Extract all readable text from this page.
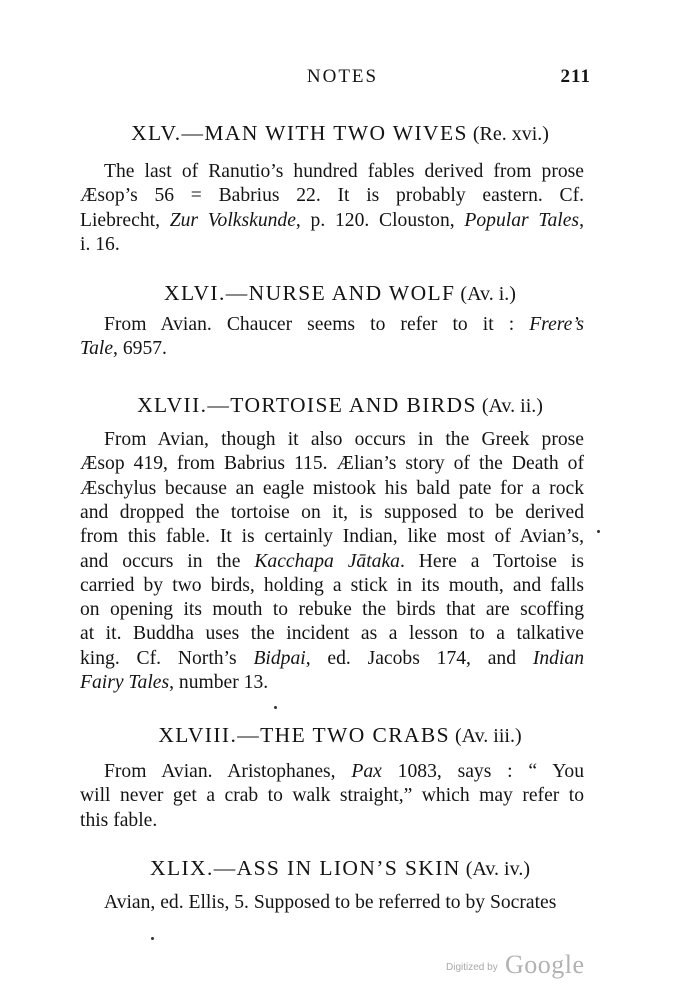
NOTES	211
XLV.—MAN WITH TWO WIVES (Re. xvi.)
The last of Ranutio’s hundred fables derived from prose
Æsop’s 56 = Babrius 22. It is probably eastern. Cf.
Liebrecht, Zur Volkskunde, p. 120. Clouston, Popular Tales,
i. 16.
XLVI.—NURSE AND WOLF (Av. i.)
From Avian. Chaucer seems to refer to it : Frere’s
Tale, 6957.
XLVII.—TORTOISE AND BIRDS (Av. ii.)
From Avian, though it also occurs in the Greek prose
Æsop 419, from Babrius 115. Ælian’s story of the Death of
Æschylus because an eagle mistook his bald pate for a rock
and dropped the tortoise on it, is supposed to be derived
from this fable. It is certainly Indian, like most of Avian’s,
and occurs in the Kacchapa Jātaka. Here a Tortoise is
carried by two birds, holding a stick in its mouth, and falls
on opening its mouth to rebuke the birds that are scoffing
at it. Buddha uses the incident as a lesson to a talkative
king. Cf. North’s Bidpai, ed. Jacobs 174, and Indian
Fairy Tales, number 13.
XLVIII.—THE TWO CRABS (Av. iii.)
From Avian. Aristophanes, Pax 1083, says : “ You
will never get a crab to walk straight,” which may refer to
this fable.
XLIX.—ASS IN LION’S SKIN (Av. iv.)
Avian, ed. Ellis, 5. Supposed to be referred to by Socrates
Digitized by Google
